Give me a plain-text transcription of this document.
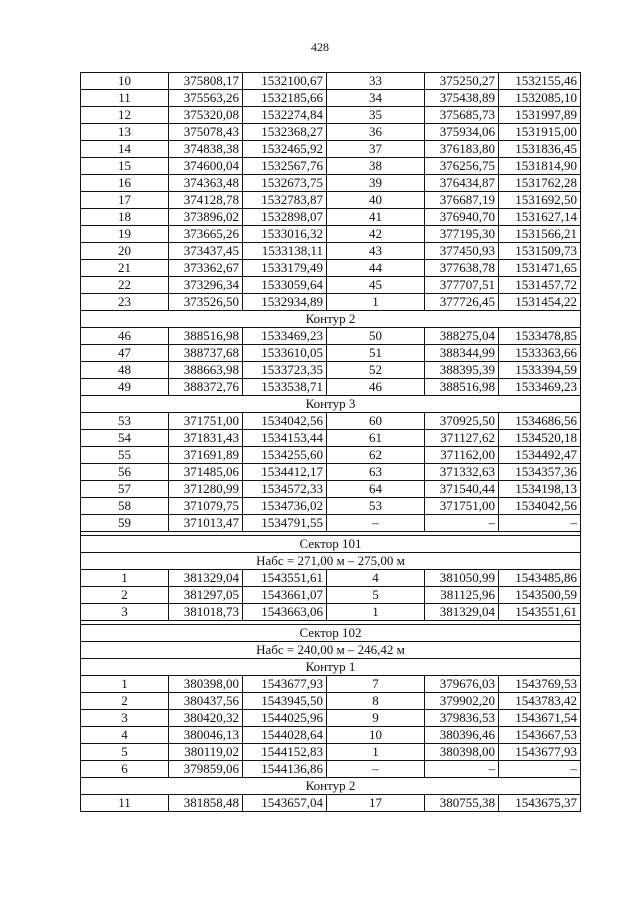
428
10	375808,17	1532100,67	33	375250,27	1532155,46
11	375563,26	1532185,66	34	375438,89	1532085,10
12	375320,08	1532274,84	35	375685,73	1531997,89
13	375078,43	1532368,27	36	375934,06	1531915,00
14	374838,38	1532465,92	37	376183,80	1531836,45
15	374600,04	1532567,76	38	376256,75	1531814,90
16	374363,48	1532673,75	39	376434,87	1531762,28
17	374128,78	1532783,87	40	376687,19	1531692,50
18	373896,02	1532898,07	41	376940,70	1531627,14
19	373665,26	1533016,32	42	377195,30	1531566,21
20	373437,45	1533138,11	43	377450,93	1531509,73
21	373362,67	1533179,49	44	377638,78	1531471,65
22	373296,34	1533059,64	45	377707,51	1531457,72
23	373526,50	1532934,89	1	377726,45	1531454,22
Контур 2					
46	388516,98	1533469,23	50	388275,04	1533478,85
47	388737,68	1533610,05	51	388344,99	1533363,66
48	388663,98	1533723,35	52	388395,39	1533394,59
49	388372,76	1533538,71	46	388516,98	1533469,23
Контур 3					
53	371751,00	1534042,56	60	370925,50	1534686,56
54	371831,43	1534153,44	61	371127,62	1534520,18
55	371691,89	1534255,60	62	371162,00	1534492,47
56	371485,06	1534412,17	63	371332,63	1534357,36
57	371280,99	1534572,33	64	371540,44	1534198,13
58	371079,75	1534736,02	53	371751,00	1534042,56
59	371013,47	1534791,55	–	–	–

Сектор 101					
Набс = 271,00 м – 275,00 м					
1	381329,04	1543551,61	4	381050,99	1543485,86
2	381297,05	1543661,07	5	381125,96	1543500,59
3	381018,73	1543663,06	1	381329,04	1543551,61

Сектор 102					
Набс = 240,00 м – 246,42 м					
Контур 1					
1	380398,00	1543677,93	7	379676,03	1543769,53
2	380437,56	1543945,50	8	379902,20	1543783,42
3	380420,32	1544025,96	9	379836,53	1543671,54
4	380046,13	1544028,64	10	380396,46	1543667,53
5	380119,02	1544152,83	1	380398,00	1543677,93
6	379859,06	1544136,86	–	–	–
Контур 2					
11	381858,48	1543657,04	17	380755,38	1543675,37
